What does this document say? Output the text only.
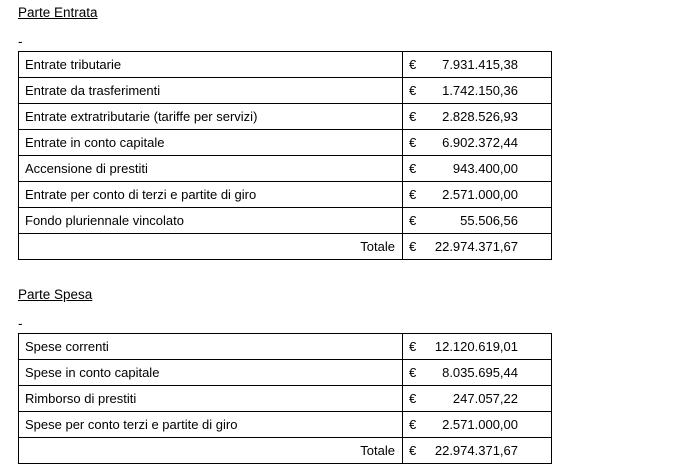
Parte Entrata
-
Entrate tributarie	€ 7.931.415,38

Entrate da trasferimenti	€ 1.742.150,36

Entrate extratributarie (tariffe per servizi)	€ 2.828.526,93

Entrate in conto capitale	€ 6.902.372,44

Accensione di prestiti	€ 943.400,00

Entrate per conto di terzi e partite di giro	€ 2.571.000,00

Fondo pluriennale vincolato	€ 55.506,56

Totale	€ 22.974.371,67
Parte Spesa
-
Spese correnti	€ 12.120.619,01

Spese in conto capitale	€ 8.035.695,44

Rimborso di prestiti	€ 247.057,22

Spese per conto terzi e partite di giro	€ 2.571.000,00

Totale	€ 22.974.371,67
